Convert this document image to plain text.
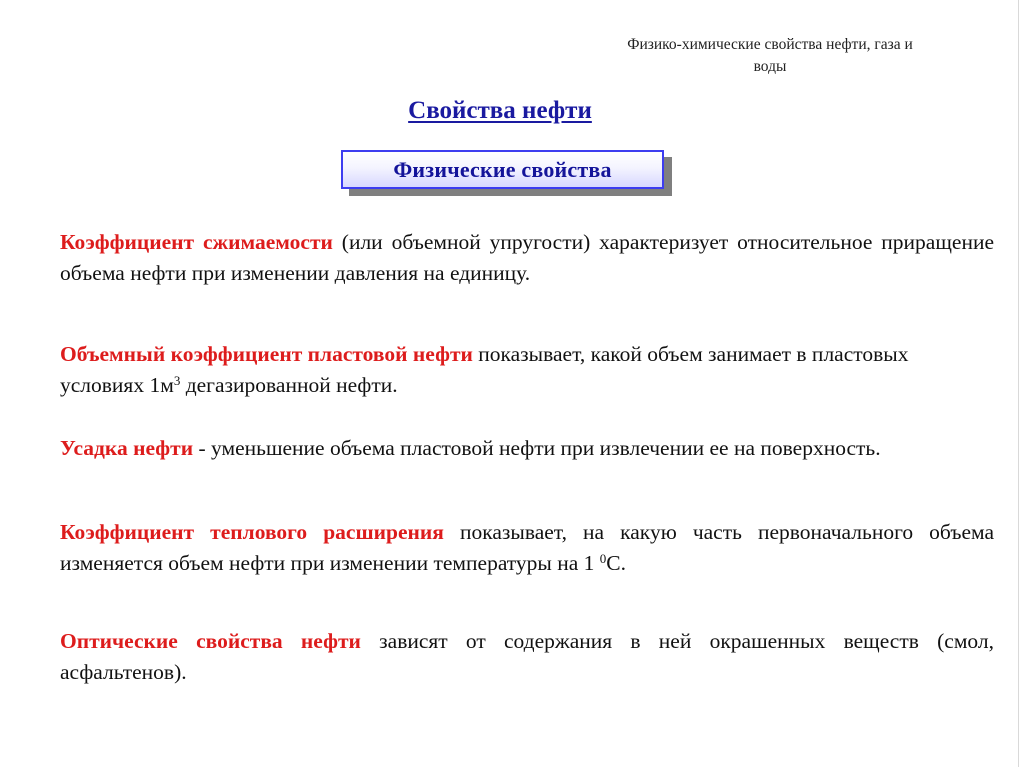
Физико-химические свойства нефти, газа и
воды
Свойства нефти
Физические свойства
Коэффициент сжимаемости (или объемной упругости) характеризует относительное приращение объема нефти при изменении давления на единицу.
Объемный коэффициент пластовой нефти показывает, какой объем занимает в пластовых условиях $1м^3$ дегазированной нефти.
Усадка нефти - уменьшение объема пластовой нефти при извлечении ее на поверхность.
Коэффициент теплового расширения показывает, на какую часть первоначального объема изменяется объем нефти при изменении температуры на 1 $^0$С.
Оптические свойства нефти зависят от содержания в ней окрашенных веществ (смол, асфальтенов).
